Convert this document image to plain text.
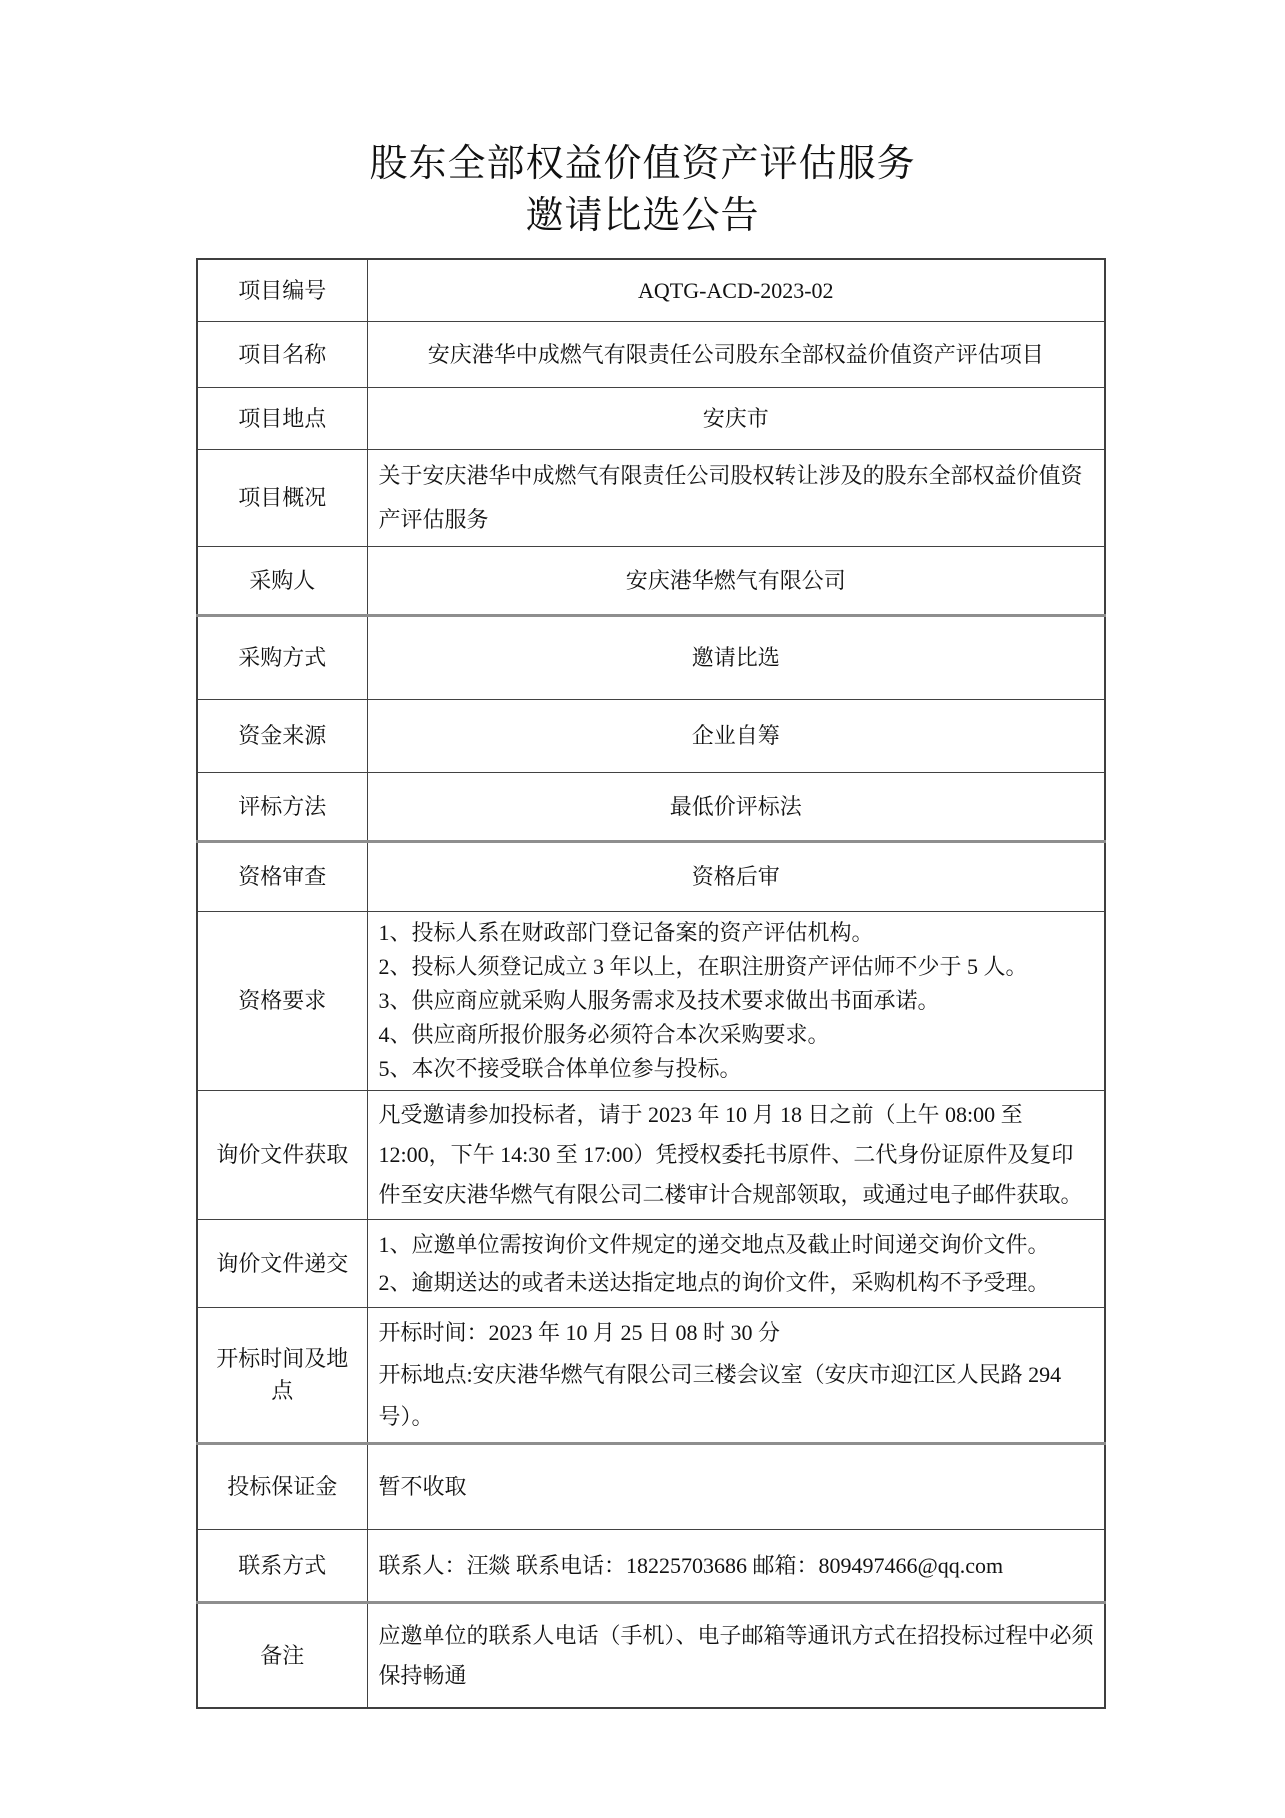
股东全部权益价值资产评估服务
邀请比选公告
项目编号	AQTG-ACD-2023-02

项目名称	安庆港华中成燃气有限责任公司股东全部权益价值资产评估项目

项目地点	安庆市

项目概况	关于安庆港华中成燃气有限责任公司股权转让涉及的股东全部权益价值资产评估服务

采购人	安庆港华燃气有限公司

采购方式	邀请比选

资金来源	企业自筹

评标方法	最低价评标法

资格审查	资格后审

资格要求	1、投标人系在财政部门登记备案的资产评估机构。
2、投标人须登记成立 3 年以上，在职注册资产评估师不少于 5 人。
3、供应商应就采购人服务需求及技术要求做出书面承诺。
4、供应商所报价服务必须符合本次采购要求。
5、本次不接受联合体单位参与投标。

询价文件获取	凡受邀请参加投标者，请于 2023 年 10 月 18 日之前（上午 08:00 至 12:00，下午 14:30 至 17:00）凭授权委托书原件、二代身份证原件及复印件至安庆港华燃气有限公司二楼审计合规部领取，或通过电子邮件获取。

询价文件递交	1、应邀单位需按询价文件规定的递交地点及截止时间递交询价文件。
2、逾期送达的或者未送达指定地点的询价文件，采购机构不予受理。

开标时间及地点	开标时间：2023 年 10 月 25 日 08 时 30 分
开标地点:安庆港华燃气有限公司三楼会议室（安庆市迎江区人民路 294 号）。

投标保证金	暂不收取

联系方式	联系人：汪燚 联系电话：18225703686 邮箱：809497466@qq.com

备注	应邀单位的联系人电话（手机）、电子邮箱等通讯方式在招投标过程中必须保持畅通
